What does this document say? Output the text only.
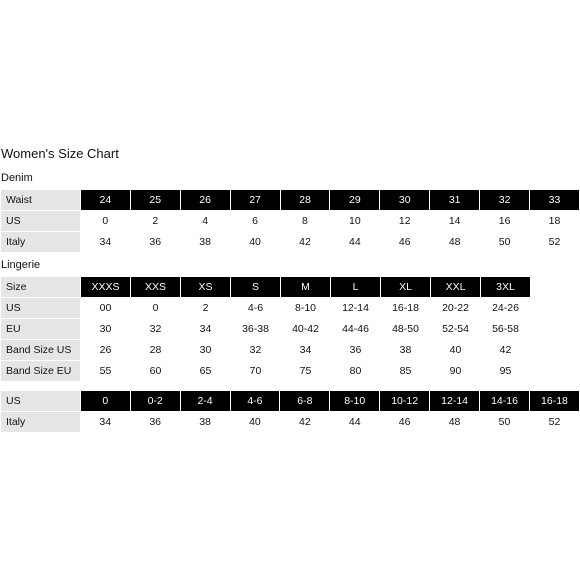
Women's Size Chart
Denim
Waist	24	25	26	27	28	29	30	31	32	33
US	0	2	4	6	8	10	12	14	16	18
Italy	34	36	38	40	42	44	46	48	50	52
Lingerie
Size	XXXS	XXS	XS	S	M	L	XL	XXL	3XL
US	00	0	2	4-6	8-10	12-14	16-18	20-22	24-26
EU	30	32	34	36-38	40-42	44-46	48-50	52-54	56-58
Band Size US	26	28	30	32	34	36	38	40	42
Band Size EU	55	60	65	70	75	80	85	90	95
US	0	0-2	2-4	4-6	6-8	8-10	10-12	12-14	14-16	16-18
Italy	34	36	38	40	42	44	46	48	50	52
